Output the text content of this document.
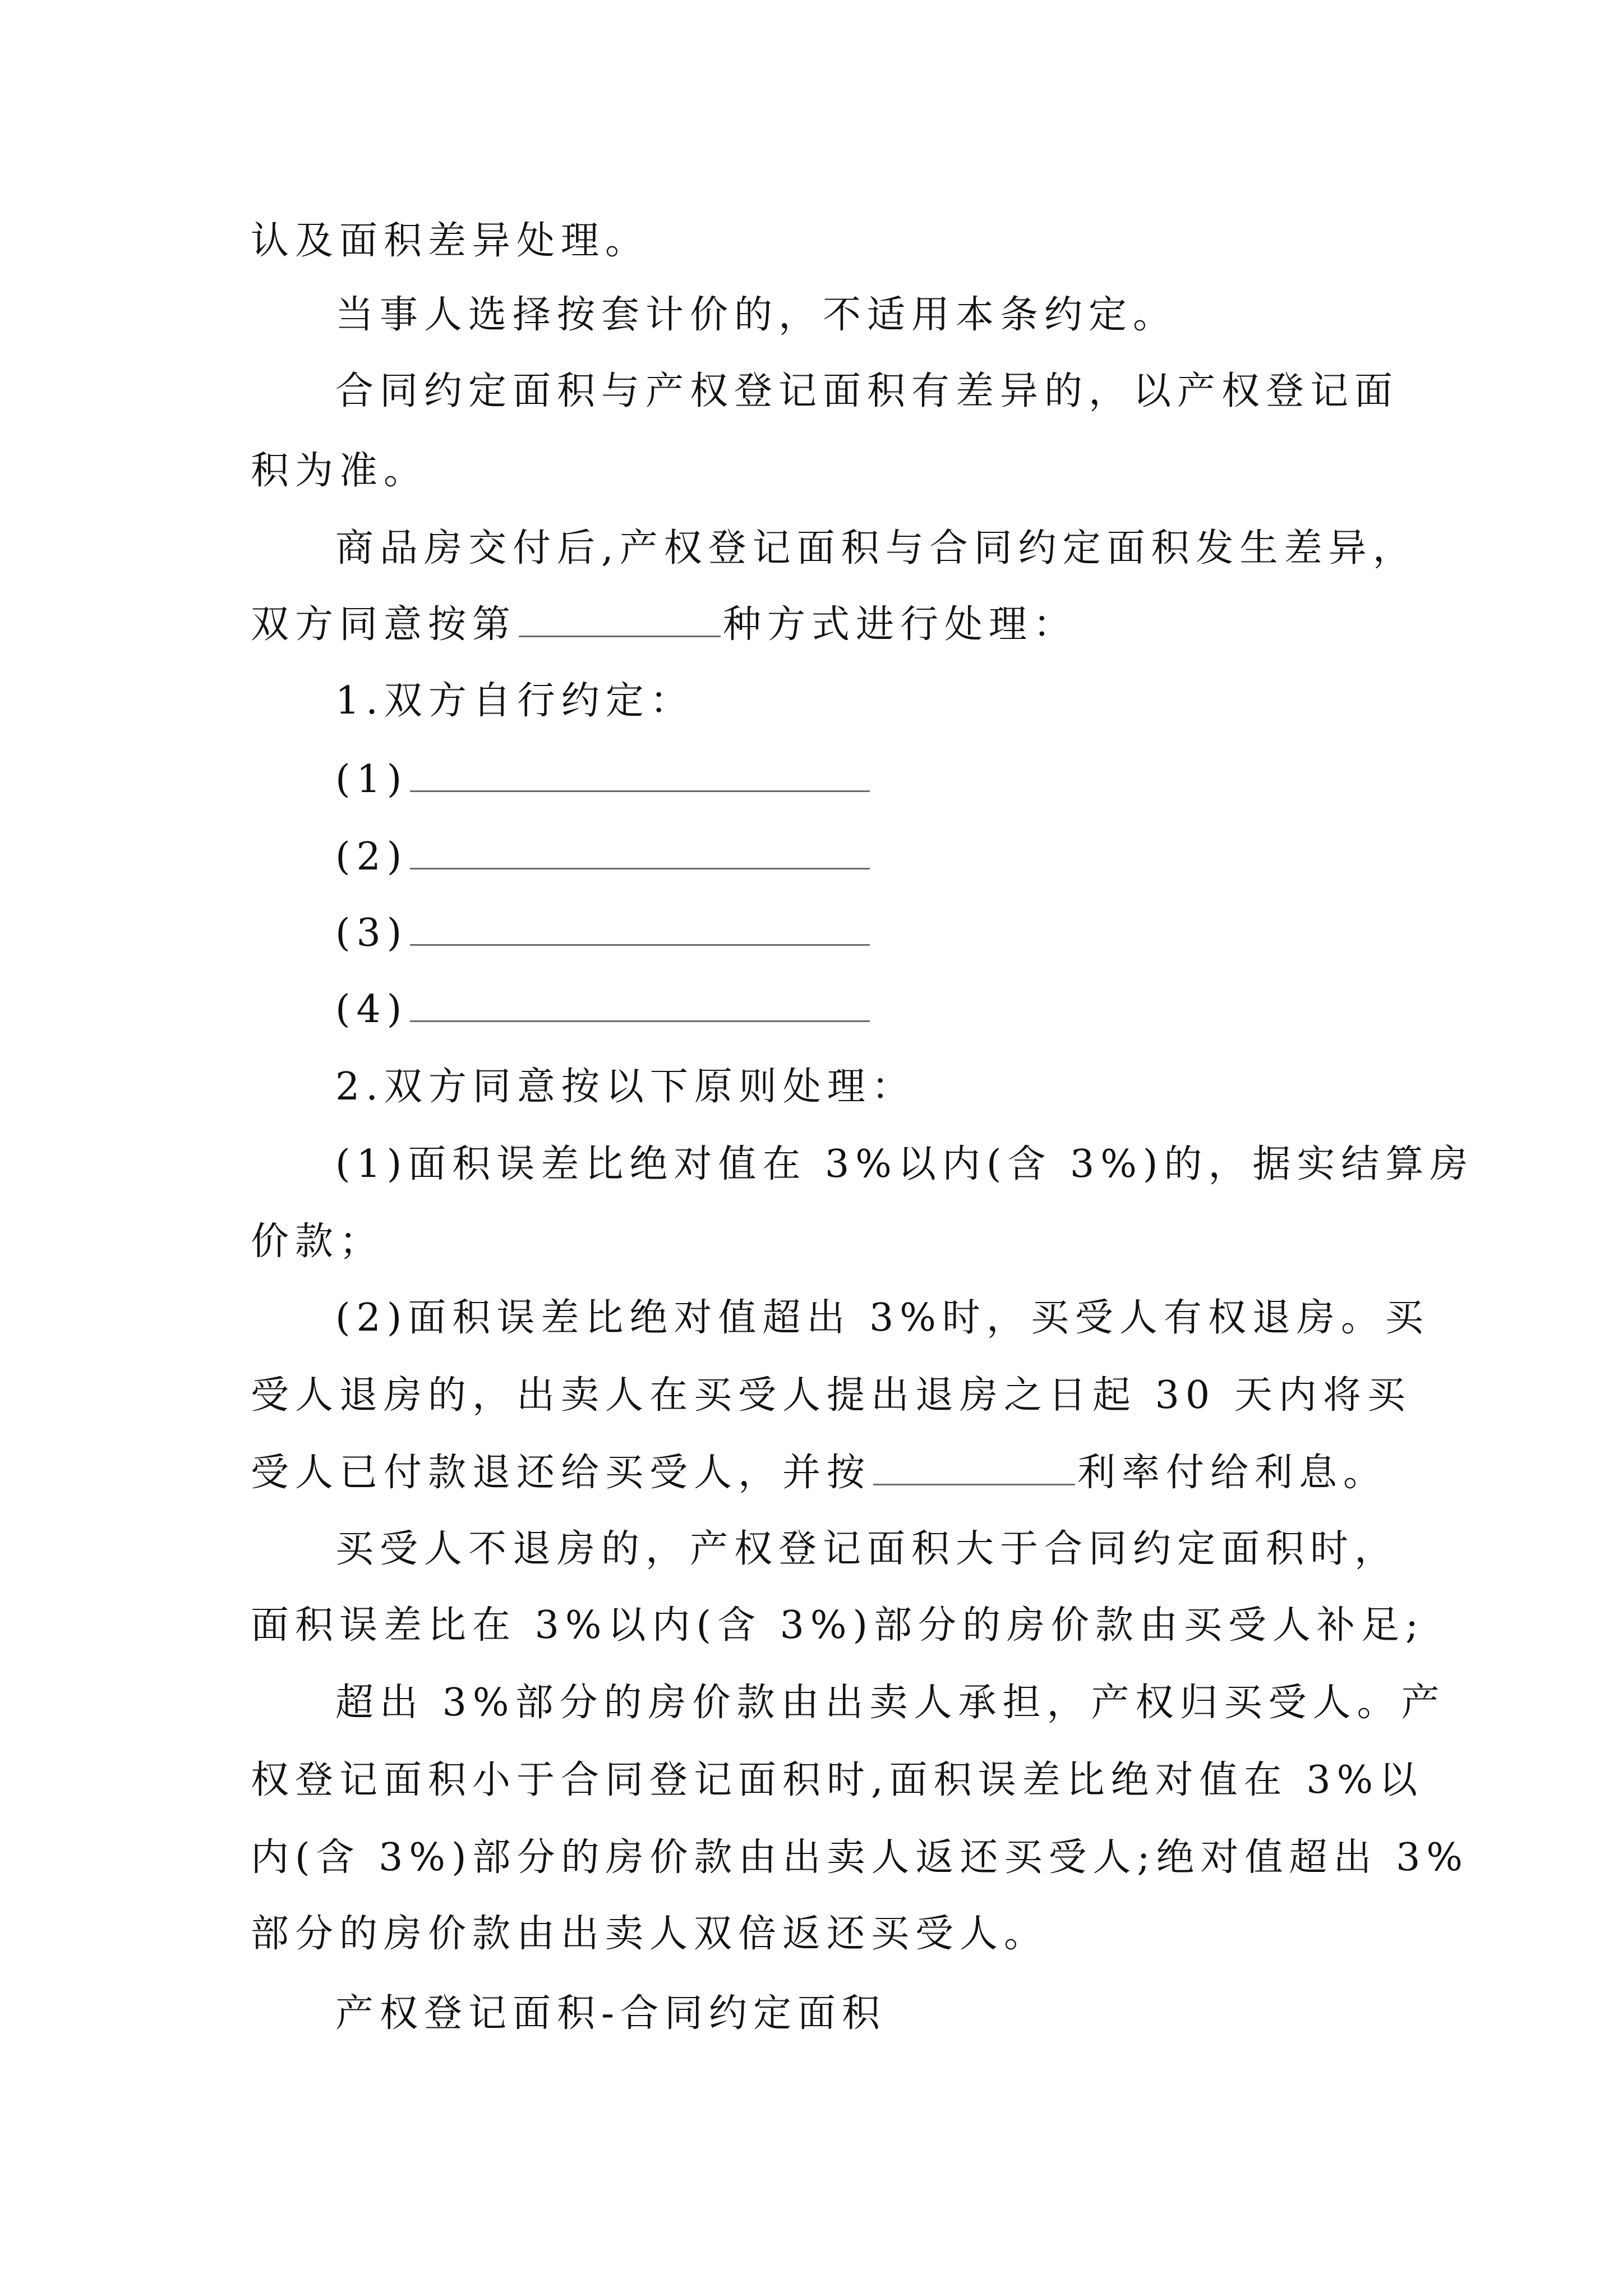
认及面积差异处理。
当事人选择按套计价的，不适用本条约定。
合同约定面积与产权登记面积有差异的，以产权登记面
积为准。
商品房交付后,产权登记面积与合同约定面积发生差异，
双方同意按第	种方式进行处理：
1.双方自行约定：
(1)
(2)
(3)
(4)
2.双方同意按以下原则处理：
(1)面积误差比绝对值在 3%以内(含 3%)的，据实结算房
价款；
(2)面积误差比绝对值超出 3%时，买受人有权退房。买
受人退房的，出卖人在买受人提出退房之日起 30 天内将买
受人已付款退还给买受人，并按	利率付给利息。
买受人不退房的，产权登记面积大于合同约定面积时，
面积误差比在 3%以内(含 3%)部分的房价款由买受人补足;
超出 3%部分的房价款由出卖人承担，产权归买受人。产
权登记面积小于合同登记面积时,面积误差比绝对值在 3%以
内(含 3%)部分的房价款由出卖人返还买受人;绝对值超出 3%
部分的房价款由出卖人双倍返还买受人。
产权登记面积-合同约定面积
